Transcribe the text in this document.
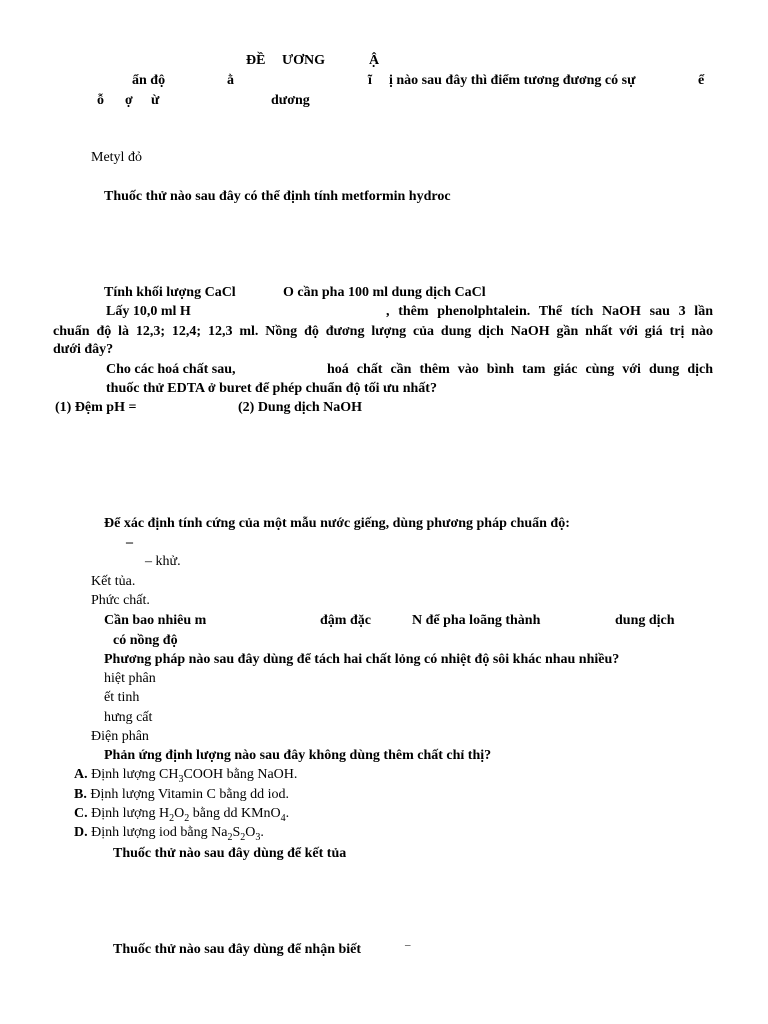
ĐỀ ƯƠNG	Ậ
ẩn độ	ằ	ĩ ị nào sau đây thì điểm tương đương có sự	ể
ỗ ợ ừ	dương
Metyl đỏ
Thuốc thử nào sau đây có thể định tính metformin hydroc
Tính khối lượng CaCl	O cần pha 100 ml dung dịch CaCl
Lấy 10,0 ml H	, thêm phenolphtalein. Thể tích NaOH sau 3 lần
chuẩn độ là 12,3; 12,4; 12,3 ml. Nồng độ đương lượng của dung dịch NaOH gần nhất với giá trị nào
dưới đây?
Cho các hoá chất sau,	hoá chất cần thêm vào bình tam giác cùng với dung dịch
thuốc thử EDTA ở buret để phép chuẩn độ tối ưu nhất?
(1) Đệm pH =	(2) Dung dịch NaOH
Để xác định tính cứng của một mẫu nước giếng, dùng phương pháp chuẩn độ:
–
– khử.
Kết tủa.
Phức chất.
Cần bao nhiêu m	đậm đặc	N để pha loãng thành	dung dịch
có nồng độ
Phương pháp nào sau đây dùng để tách hai chất lỏng có nhiệt độ sôi khác nhau nhiều?
hiệt phân
ết tinh
hưng cất
Điện phân
Phản ứng định lượng nào sau đây không dùng thêm chất chỉ thị?
A. Định lượng $CH_3COOH$ bằng NaOH.
B. Định lượng Vitamin C bằng dd iod.
C. Định lượng $H_2O_2$ bằng dd KMnO$_4$.
D. Định lượng iod bằng $Na_2S_2O_3$.
Thuốc thử nào sau đây dùng để kết tủa
Thuốc thử nào sau đây dùng để nhận biết	–
